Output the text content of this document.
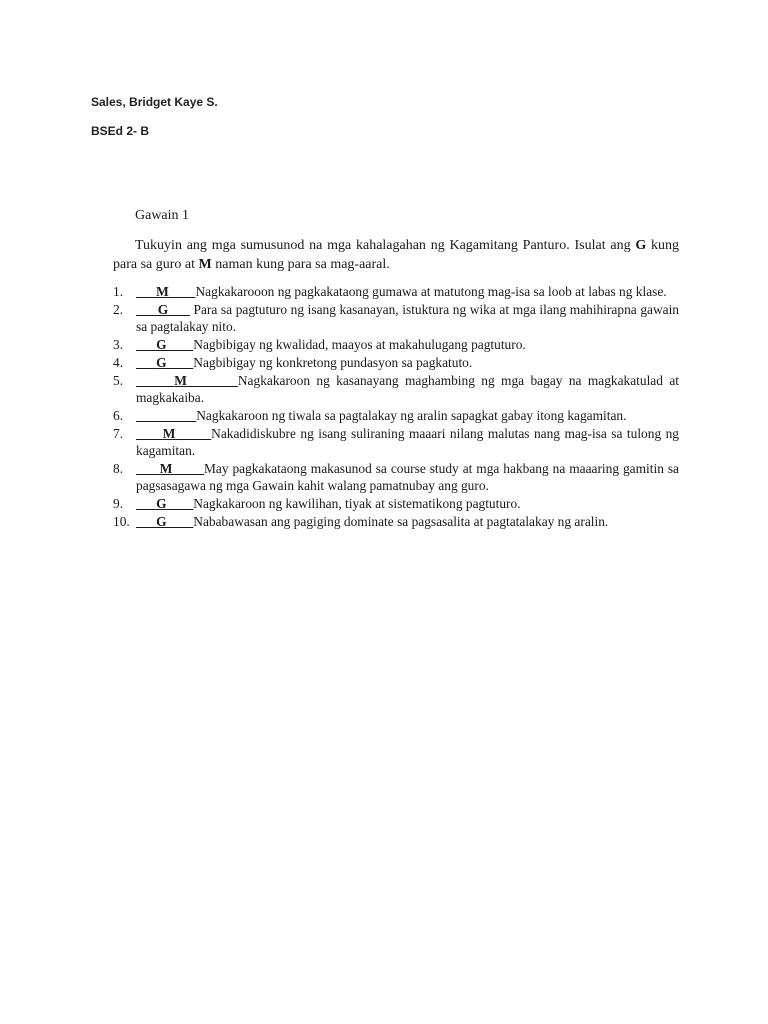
Sales, Bridget Kaye S.
BSEd 2- B
Gawain 1
Tukuyin ang mga sumusunod na mga kahalagahan ng Kagamitang Panturo. Isulat ang G kung para sa guro at M naman kung para sa mag-aaral.
1. M Nagkakarooon ng pagkakataong gumawa at matutong mag-isa sa loob at labas ng klase.
2.	G       Para sa pagtuturo ng isang kasanayan, istuktura ng wika at mga ilang mahihirapna gawain sa pagtalakay nito.
3. G Nagbibigay ng kwalidad, maayos at makahulugang pagtuturo.
4. G Nagbibigay ng konkretong pundasyon sa pagkatuto.
5.	M	Nagkakaroon ng kasanayang maghambing ng mga bagay na magkakatulad at magkakaiba.
6.	Nagkakaroon ng tiwala sa pagtalakay ng aralin sapagkat gabay itong kagamitan.
7.	M	Nakadidiskubre ng isang suliraning maaari nilang malutas nang mag-isa sa tulong ng kagamitan.
8.	M May pagkakataong makasunod sa course study at mga hakbang na maaaring gamitin sa pagsasagawa ng mga Gawain kahit walang pamatnubay ang guro.
9. G Nagkakaroon ng kawilihan, tiyak at sistematikong pagtuturo.
10. G Nababawasan ang pagiging dominate sa pagsasalita at pagtatalakay ng aralin.
